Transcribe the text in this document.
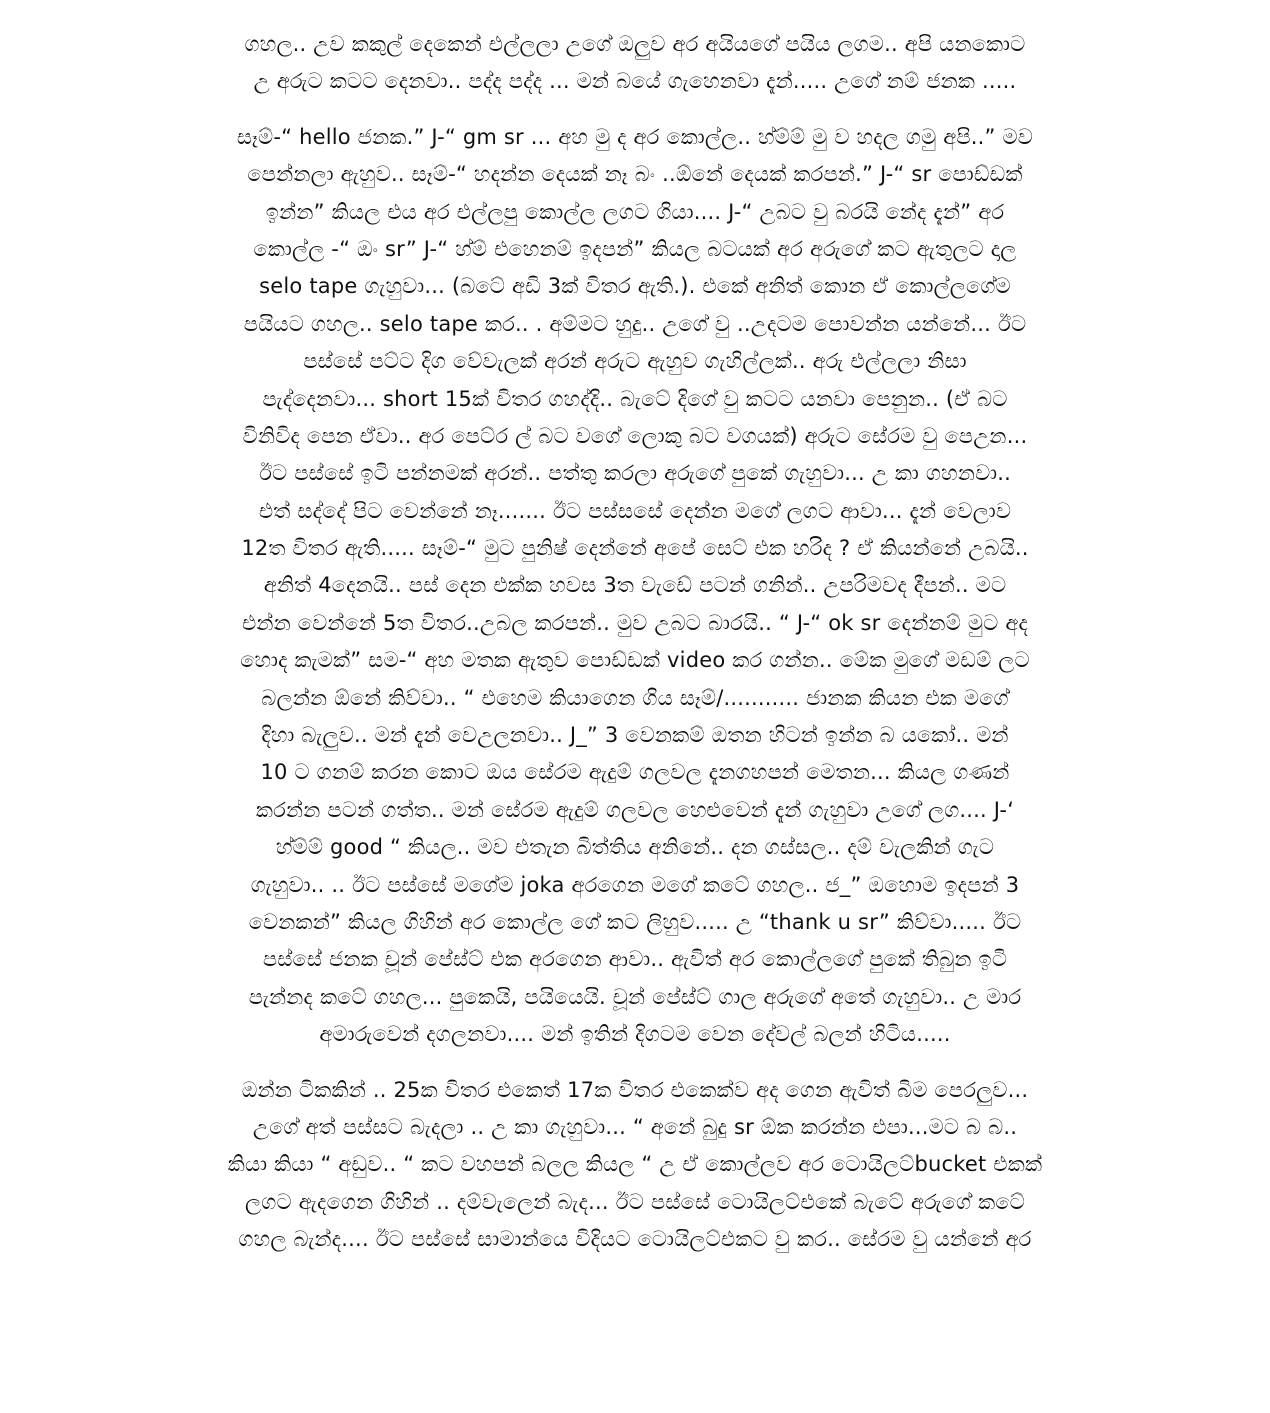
ගහල.. උව කකුල් දෙකෙන් එල්ලලා උගේ ඔලුව අර අයියගේ පයිය ලගම.. අපි යනකොට
උ අරුට කටට දෙනවා.. පද්ද පද්ද ... මන් බයේ ගැහෙනවා දැන්..... උගේ නම් ජනක .....

සෑම්-“ hello ජනක.” J-“ gm sr ... අහ මු ද අර කොල්ල.. හ්ම්ම් මු ව හදල ගමු අපි..” මව
පෙන්නලා ඇහුව.. සෑම්-“ හදන්න දෙයක් නෑ බං ..ඕනේ දෙයක් කරපන්.” J-“ sr පොඩ්ඩක්
ඉන්න” කියල එය අර එල්ලපු කොල්ල ලගට ගියා.... J-“ උබට වු බරයි නේද දැන්” අර
කොල්ල -“ ඔං sr” J-“ හ්ම් එහෙනම් ඉදපන්” කියල බටයක් අර අරුගේ කට ඇතුලට දාල
selo tape ගැහුවා... (බටේ අඩි 3ක් විතර ඇති.). එකේ අනිත් කොන ඒ කොල්ලගේම
පයියට ගහල.. selo tape කර.. . අම්මට හුදු.. උගේ වු ..උදටම පොවන්න යන්නේ... ඊට
පස්සේ පට්ට දිග වේවැලක් අරන් අරුට ඇහුව ගැහිල්ලක්.. අරු එල්ලලා නිසා
පැද්දෙනවා... short 15ක් විතර ගහද්දි.. බැටේ දිගේ වු කටට යනවා පෙනුන.. (ඒ බට
විනිවිද පෙන ඒවා.. අර පෙට්ර ල් බට වගේ ලොකු බට වගයක්) අරුට සේරම වු පෙඋන...
ඊට පස්සේ ඉටි පන්නමක් අරන්.. පත්තු කරලා අරුගේ පුකේ ගැහුවා... උ කා ගහනවා..
එත් සද්දේ පිට වෙන්නේ නෑ....... ඊට පස්සසේ දෙන්න මගේ ලගට ආවා... දැන් වෙලාව
12ත විතර ඇති..... සෑම්-“ මුට පුනිෂ් දෙන්නේ අපේ සෙට් එක හරිද ? ඒ කියන්නේ උබයි..
අනිත් 4දෙනයි.. පස් දෙන එක්ක හවස 3ත වැඩේ පටන් ගනින්.. උපරිමවද දීපන්.. මට
එන්න වෙන්නේ 5ත විතර..උබල කරපන්.. මුව උබට බාරයි.. “ J-“ ok sr දෙන්නම් මුට අද
හොද කැමක්” සම-“ අහ මතක ඇතුව පොඩ්ඩක් video කර ගන්න.. මේක මුගේ මඩම් ලට
බලන්න ඕනේ කිව්වා.. “ එහෙම කියාගෙන ගිය සෑම්/........... ජානක කියන එක මගේ
දිහා බැලුව.. මන් දැන් වෙඋලනවා.. J_” 3 වෙනකම් ඔතන හිටන් ඉන්න බ යකෝ.. මන්
10 ට ගනම් කරන කොට ඔය සේරම ඇදුම් ගලවල දැනගහපන් මෙතන... කියල ගණන්
කරන්න පටන් ගත්ත.. මන් සේරම ඇදුම් ගලවල හෙළුවෙන් දැන් ගැහුවා උගේ ලග.... J-‘
හ්ම්ම් good “ කියල.. මව එතැන බිත්තිය අනිනේ.. දන ගස්සල.. දම් වැලකින් ගැට
ගැහුවා.. .. ඊට පස්සේ මගේම joka අරගෙන මගේ කටේ ගහල.. ජ_” ඔහොම ඉදපන් 3
වෙනකන්” කියල ගිහින් අර කොල්ල ගේ කට ලිහුව..... උ “thank u sr” කිව්වා..... ඊට
පස්සේ ජනක චූන් පේස්ට් එක අරගෙන ආවා.. ඇවිත් අර කොල්ලගේ පුකේ තිබුන ඉටි
පැන්නද කටේ ගහල... පුකෙයි, පයියෙයි. චූන් පේස්ට් ගාල අරුගේ අතේ ගැහුවා.. උ මාර
අමාරුවෙන් දගලනවා.... මන් ඉතින් දිගටම වෙන දේවල් බලන් හිටිය.....

ඔන්න ටිකකින් .. 25ක විතර එකෙත් 17ක විතර එකෙක්ව අද ගෙන ඇවිත් බිම පෙරලුව...
උගේ අත් පස්සට බැදලා .. උ කා ගැහුවා... “ අනේ බුදු sr ඕක කරන්න එපා...මට බ බ..
කියා කියා “ අඩුව.. “ කට වහපන් බලල කියල “ උ ඒ කොල්ලව අර ටොයිලට්bucket එකක්
ලගට ඇදගෙන ගිහින් .. දම්වැලෙන් බැද... ඊට පස්සේ ටොයිලට්එකේ බැටේ අරුගේ කටේ
ගහල බැන්ද.... ඊට පස්සේ සාමාන්යෙ විදියට ටොයිලට්එකට වු කර.. සේරම වු යන්නේ අර
